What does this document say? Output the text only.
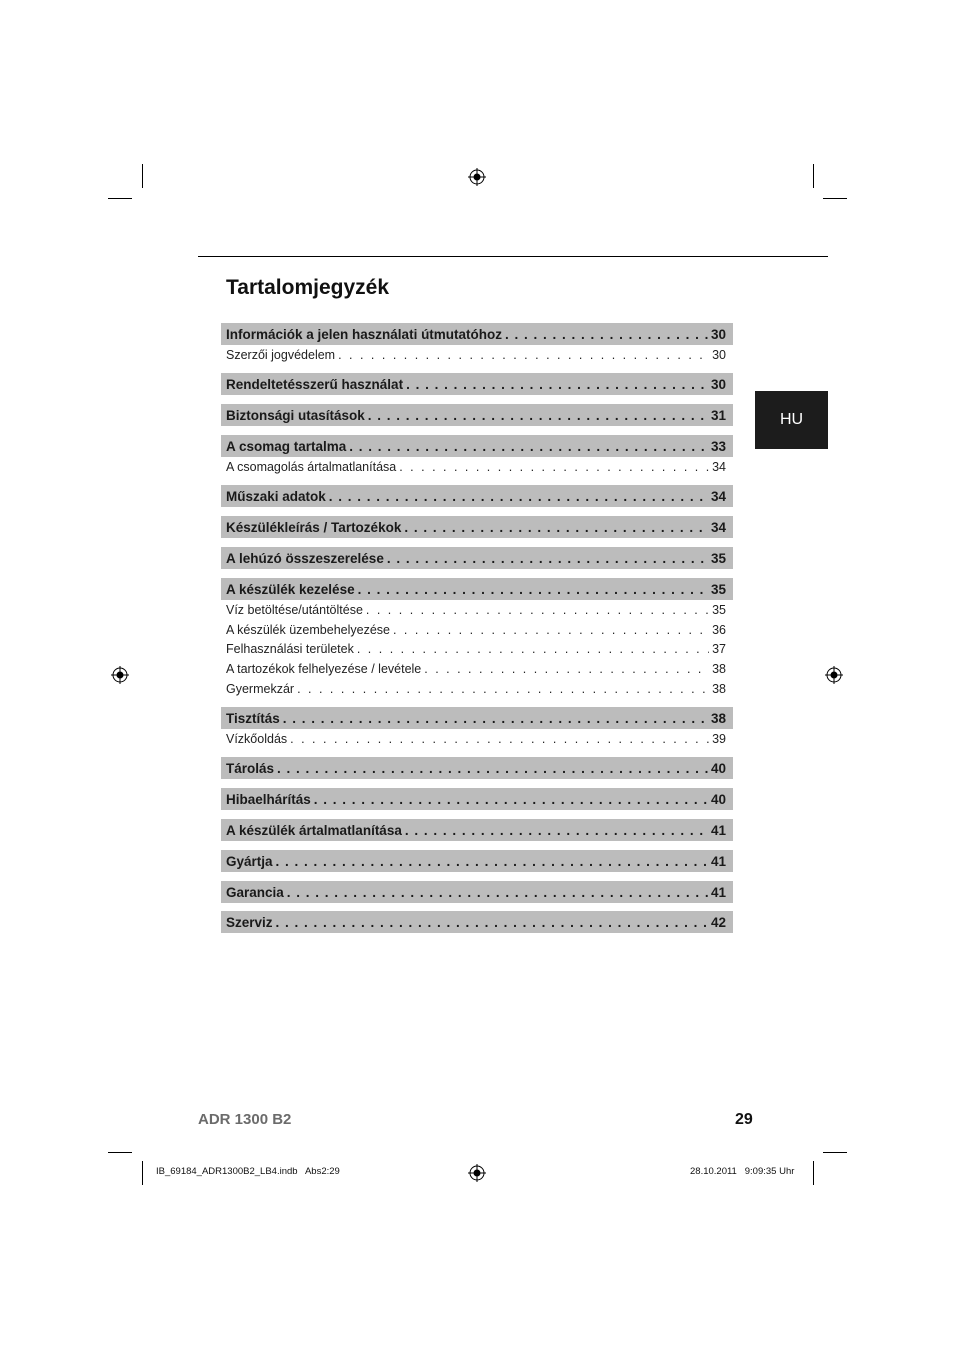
Tartalomjegyzék
HU
Információk a jelen használati útmutatóhoz . . .	30
Szerzői jogvédelem . . .	30
Rendeltetésszerű használat . . .	30
Biztonsági utasítások . . .	31
A csomag tartalma . . .	33
A csomagolás ártalmatlanítása . . .	34
Műszaki adatok . . .	34
Készülékleírás / Tartozékok . . .	34
A lehúzó összeszerelése . . .	35
A készülék kezelése . . .	35
Víz betöltése/utántöltése . . .	35
A készülék üzembehelyezése . . .	36
Felhasználási területek . . .	37
A tartozékok felhelyezése / levétele . . .	38
Gyermekzár . . .	38
Tisztítás . . .	38
Vízkőoldás . . .	39
Tárolás . . .	40
Hibaelhárítás . . .	40
A készülék ártalmatlanítása . . .	41
Gyártja . . .	41
Garancia . . .	41
Szerviz . . .	42
ADR 1300 B2	29
IB_69184_ADR1300B2_LB4.indb   Abs2:29	28.10.2011   9:09:35 Uhr
